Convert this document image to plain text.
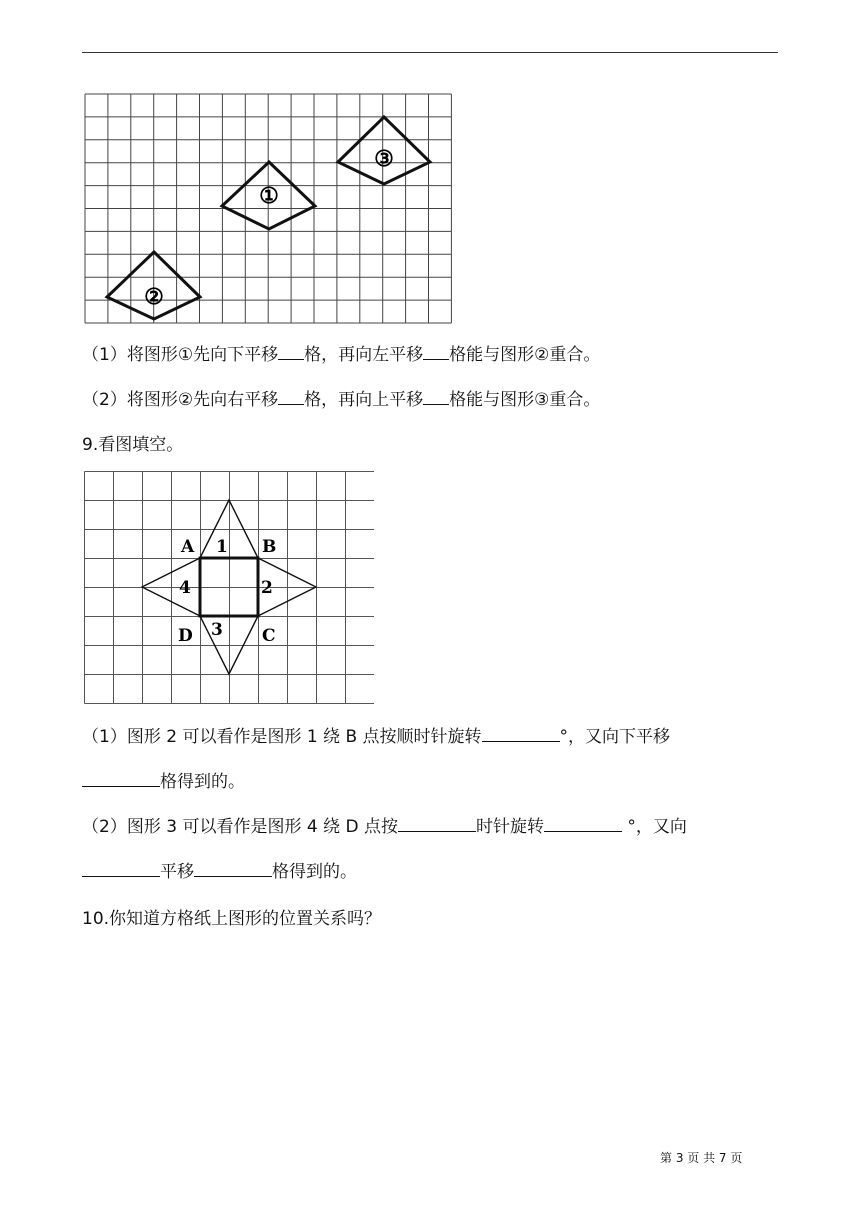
①
②
③
（1）将图形①先向下平移 格，再向左平移 格能与图形②重合。
（2）将图形②先向右平移 格，再向上平移 格能与图形③重合。
9.看图填空。
A	B
C
D
1
2
3
4
（1）图形 2 可以看作是图形 1 绕 B 点按顺时针旋转	°，又向下平移
格得到的。
（2）图形 3 可以看作是图形 4 绕 D 点按	时针旋转	°，又向
平移	格得到的。
10.你知道方格纸上图形的位置关系吗？
第 3 页 共 7 页
